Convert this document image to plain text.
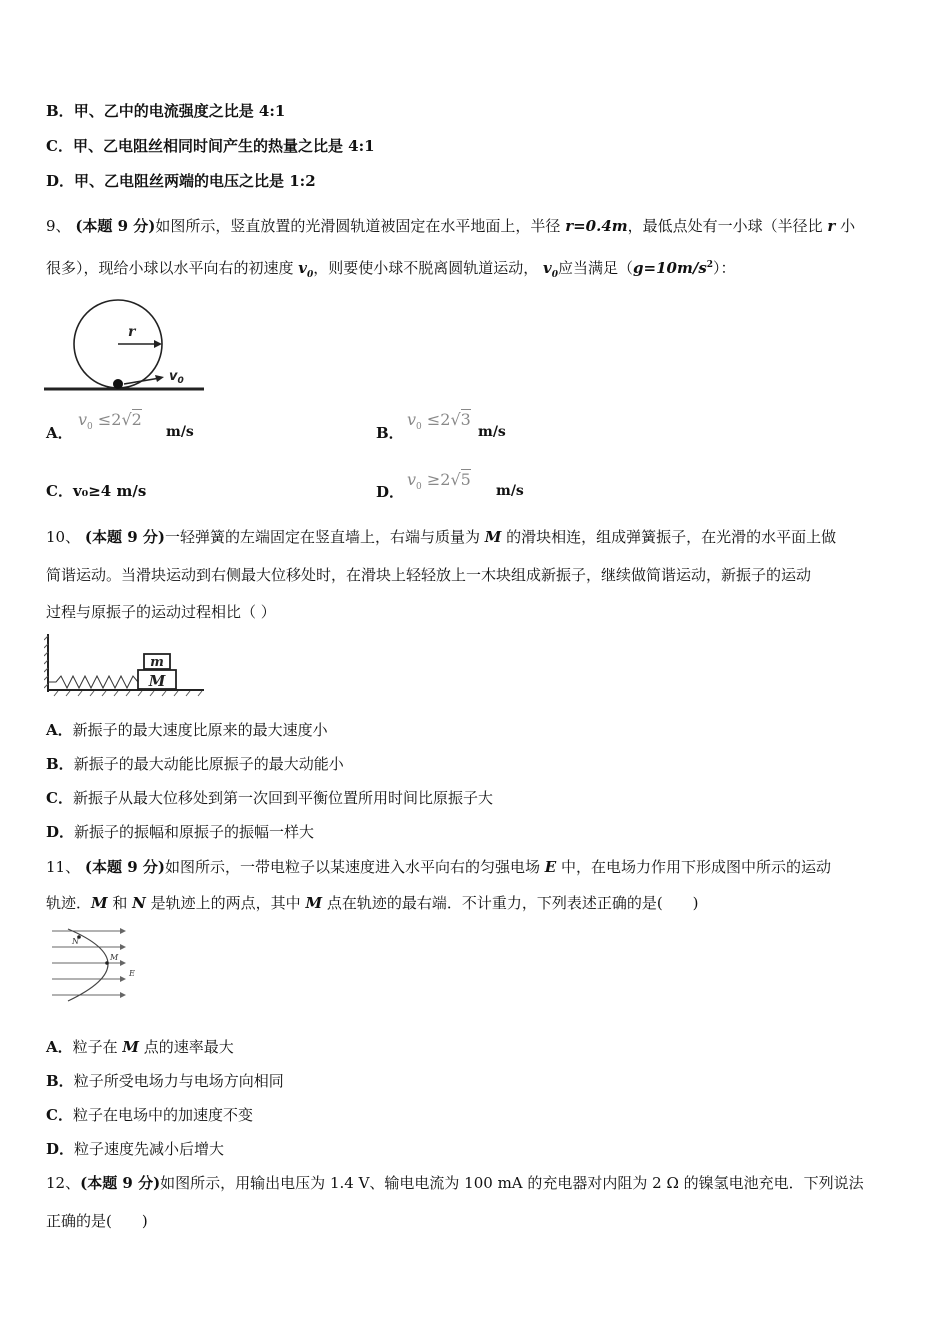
B．甲、乙中的电流强度之比是 4:1
C．甲、乙电阻丝相同时间产生的热量之比是 4:1
D．甲、乙电阻丝两端的电压之比是 1:2
9、 (本题 9 分)如图所示，竖直放置的光滑圆轨道被固定在水平地面上，半径 r=0.4m，最低点处有一小球（半径比 r 小
很多），现给小球以水平向右的初速度 $v_0$，则要使小球不脱离圆轨道运动， $v_0$应当满足$(g=10m/s^2)$：
r
$v_0$
A．
$v_0 \le 2√2$
m/s	B．
$v_0 \le 2√3$
m/s
C．v₀≥4 m/s	D．
$v_0 \ge 2√5$
m/s
10、 (本题 9 分)一轻弹簧的左端固定在竖直墙上，右端与质量为 M 的滑块相连，组成弹簧振子，在光滑的水平面上做
简谐运动。当滑块运动到右侧最大位移处时，在滑块上轻轻放上一木块组成新振子，继续做简谐运动，新振子的运动
过程与原振子的运动过程相比（ ）
m
M
A．新振子的最大速度比原来的最大速度小
B．新振子的最大动能比原振子的最大动能小
C．新振子从最大位移处到第一次回到平衡位置所用时间比原振子大
D．新振子的振幅和原振子的振幅一样大
11、 (本题 9 分)如图所示，一带电粒子以某速度进入水平向右的匀强电场 E 中，在电场力作用下形成图中所示的运动
轨迹．M 和 N 是轨迹上的两点，其中 M 点在轨迹的最右端．不计重力，下列表述正确的是(　　)
N
M
E
A．粒子在 M 点的速率最大
B．粒子所受电场力与电场方向相同
C．粒子在电场中的加速度不变
D．粒子速度先减小后增大
12、(本题 9 分)如图所示，用输出电压为 1.4 V、输电电流为 100 mA 的充电器对内阻为 2 Ω 的镍氢电池充电．下列说法
正确的是(　　)
